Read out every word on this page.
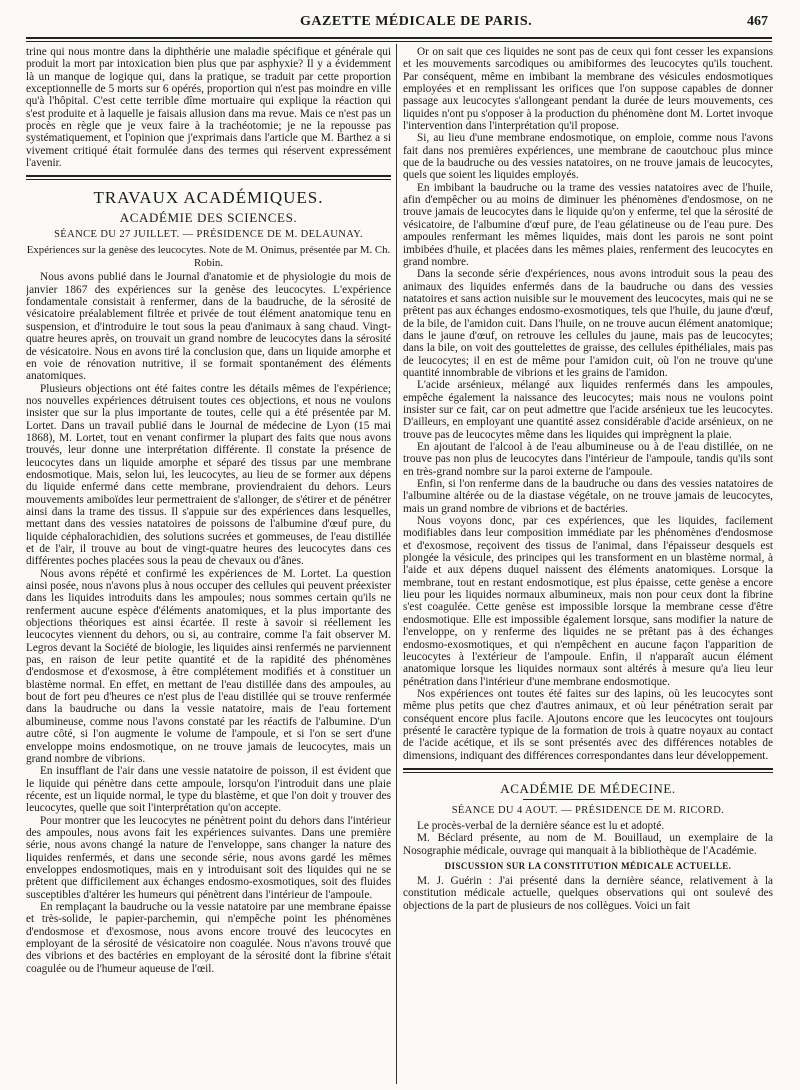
GAZETTE MÉDICALE DE PARIS.	467

trine qui nous montre dans la diphthérie une maladie spécifique et générale qui produit la mort par intoxication bien plus que par asphyxie? Il y a évidemment là un manque de logique qui, dans la pratique, se traduit par cette proportion exceptionnelle de 5 morts sur 6 opérés, proportion qui n'est pas moindre en ville qu'à l'hôpital. C'est cette terrible dîme mortuaire qui explique la réaction qui s'est produite et à laquelle je faisais allusion dans ma revue. Mais ce n'est pas un procès en règle que je veux faire à la trachéotomie; je ne la repousse pas systématiquement, et l'opinion que j'exprimais dans l'article que M. Barthez a si vivement critiqué était formulée dans des termes qui réservent expressément l'avenir.

TRAVAUX ACADÉMIQUES.
ACADÉMIE DES SCIENCES.
SÉANCE DU 27 JUILLET. — PRÉSIDENCE DE M. DELAUNAY.
Expériences sur la genèse des leucocytes. Note de M. Onimus, présentée par M. Ch. Robin.

Nous avons publié dans le Journal d'anatomie et de physiologie du mois de janvier 1867 des expériences sur la genèse des leucocytes. L'expérience fondamentale consistait à renfermer, dans de la baudruche, de la sérosité de vésicatoire préalablement filtrée et privée de tout élément anatomique tenu en suspension, et d'introduire le tout sous la peau d'animaux à sang chaud. Vingt-quatre heures après, on trouvait un grand nombre de leucocytes dans la sérosité de vésicatoire. Nous en avons tiré la conclusion que, dans un liquide amorphe et en voie de rénovation nutritive, il se formait spontanément des éléments anatomiques.

Plusieurs objections ont été faites contre les détails mêmes de l'expérience; nos nouvelles expériences détruisent toutes ces objections, et nous ne voulons insister que sur la plus importante de toutes, celle qui a été présentée par M. Lortet. Dans un travail publié dans le Journal de médecine de Lyon (15 mai 1868), M. Lortet, tout en venant confirmer la plupart des faits que nous avons trouvés, leur donne une interprétation différente. Il constate la présence de leucocytes dans un liquide amorphe et séparé des tissus par une membrane endosmotique. Mais, selon lui, les leucocytes, au lieu de se former aux dépens du liquide enfermé dans cette membrane, proviendraient du dehors. Leurs mouvements amiboïdes leur permettraient de s'allonger, de s'étirer et de pénétrer ainsi dans la trame des tissus. Il s'appuie sur des expériences dans lesquelles, mettant dans des vessies natatoires de poissons de l'albumine d'œuf pure, du liquide céphalorachidien, des solutions sucrées et gommeuses, de l'eau distillée et de l'air, il trouve au bout de vingt-quatre heures des leucocytes dans ces différentes poches placées sous la peau de chevaux ou d'ânes.

Nous avons répété et confirmé les expériences de M. Lortet. La question ainsi posée, nous n'avons plus à nous occuper des cellules qui peuvent préexister dans les liquides introduits dans les ampoules; nous sommes certain qu'ils ne renferment aucune espèce d'éléments anatomiques, et la plus importante des objections théoriques est ainsi écartée. Il reste à savoir si réellement les leucocytes viennent du dehors, ou si, au contraire, comme l'a fait observer M. Legros devant la Société de biologie, les liquides ainsi renfermés ne parviennent pas, en raison de leur petite quantité et de la rapidité des phénomènes d'endosmose et d'exosmose, à être complétement modifiés et à constituer un blastème normal. En effet, en mettant de l'eau distillée dans des ampoules, au bout de fort peu d'heures ce n'est plus de l'eau distillée qui se trouve renfermée dans la baudruche ou dans la vessie natatoire, mais de l'eau fortement albumineuse, comme nous l'avons constaté par les réactifs de l'albumine. D'un autre côté, si l'on augmente le volume de l'ampoule, et si l'on se sert d'une enveloppe moins endosmotique, on ne trouve jamais de leucocytes, mais un grand nombre de vibrions.

En insufflant de l'air dans une vessie natatoire de poisson, il est évident que le liquide qui pénètre dans cette ampoule, lorsqu'on l'introduit dans une plaie récente, est un liquide normal, le type du blastème, et que l'on doit y trouver des leucocytes, quelle que soit l'interprétation qu'on accepte.

Pour montrer que les leucocytes ne pénètrent point du dehors dans l'intérieur des ampoules, nous avons fait les expériences suivantes. Dans une première série, nous avons changé la nature de l'enveloppe, sans changer la nature des liquides renfermés, et dans une seconde série, nous avons gardé les mêmes enveloppes endosmotiques, mais en y introduisant soit des liquides qui ne se prêtent que difficilement aux échanges endosmo-exosmotiques, soit des fluides susceptibles d'altérer les humeurs qui pénètrent dans l'intérieur de l'ampoule.

En remplaçant la baudruche ou la vessie natatoire par une membrane épaisse et très-solide, le papier-parchemin, qui n'empêche point les phénomènes d'endosmose et d'exosmose, nous avons encore trouvé des leucocytes en employant de la sérosité de vésicatoire non coagulée. Nous n'avons trouvé que des vibrions et des bactéries en employant de la sérosité dont la fibrine s'était coagulée ou de l'humeur aqueuse de l'œil.

Or on sait que ces liquides ne sont pas de ceux qui font cesser les expansions et les mouvements sarcodiques ou amibiformes des leucocytes qu'ils touchent. Par conséquent, même en imbibant la membrane des vésicules endosmotiques employées et en remplissant les orifices que l'on suppose capables de donner passage aux leucocytes s'allongeant pendant la durée de leurs mouvements, ces liquides n'ont pu s'opposer à la production du phénomène dont M. Lortet invoque l'intervention dans l'interprétation qu'il propose.

Si, au lieu d'une membrane endosmotique, on emploie, comme nous l'avons fait dans nos premières expériences, une membrane de caoutchouc plus mince que de la baudruche ou des vessies natatoires, on ne trouve jamais de leucocytes, quels que soient les liquides employés.

En imbibant la baudruche ou la trame des vessies natatoires avec de l'huile, afin d'empêcher ou au moins de diminuer les phénomènes d'endosmose, on ne trouve jamais de leucocytes dans le liquide qu'on y enferme, tel que la sérosité de vésicatoire, de l'albumine d'œuf pure, de l'eau gélatineuse ou de l'eau pure. Des ampoules renfermant les mêmes liquides, mais dont les parois ne sont point imbibées d'huile, et placées dans les mêmes plaies, renferment des leucocytes en grand nombre.

Dans la seconde série d'expériences, nous avons introduit sous la peau des animaux des liquides enfermés dans de la baudruche ou dans des vessies natatoires et sans action nuisible sur le mouvement des leucocytes, mais qui ne se prêtent pas aux échanges endosmo-exosmotiques, tels que l'huile, du jaune d'œuf, de la bile, de l'amidon cuit. Dans l'huile, on ne trouve aucun élément anatomique; dans le jaune d'œuf, on retrouve les cellules du jaune, mais pas de leucocytes; dans la bile, on voit des gouttelettes de graisse, des cellules épithéliales, mais pas de leucocytes; il en est de même pour l'amidon cuit, où l'on ne trouve qu'une quantité innombrable de vibrions et les grains de l'amidon.

L'acide arsénieux, mélangé aux liquides renfermés dans les ampoules, empêche également la naissance des leucocytes; mais nous ne voulons point insister sur ce fait, car on peut admettre que l'acide arsénieux tue les leucocytes. D'ailleurs, en employant une quantité assez considérable d'acide arsénieux, on ne trouve pas de leucocytes même dans les liquides qui imprègnent la plaie.

En ajoutant de l'alcool à de l'eau albumineuse ou à de l'eau distillée, on ne trouve pas non plus de leucocytes dans l'intérieur de l'ampoule, tandis qu'ils sont en très-grand nombre sur la paroi externe de l'ampoule.

Enfin, si l'on renferme dans de la baudruche ou dans des vessies natatoires de l'albumine altérée ou de la diastase végétale, on ne trouve jamais de leucocytes, mais un grand nombre de vibrions et de bactéries.

Nous voyons donc, par ces expériences, que les liquides, facilement modifiables dans leur composition immédiate par les phénomènes d'endosmose et d'exosmose, reçoivent des tissus de l'animal, dans l'épaisseur desquels est plongée la vésicule, des principes qui les transforment en un blastème normal, à l'aide et aux dépens duquel naissent des éléments anatomiques. Lorsque la membrane, tout en restant endosmotique, est plus épaisse, cette genèse a encore lieu pour les liquides normaux albumineux, mais non pour ceux dont la fibrine s'est coagulée. Cette genèse est impossible lorsque la membrane cesse d'être endosmotique. Elle est impossible également lorsque, sans modifier la nature de l'enveloppe, on y renferme des liquides ne se prêtant pas à des échanges endosmo-exosmotiques, et qui n'empêchent en aucune façon l'apparition de leucocytes à l'extérieur de l'ampoule. Enfin, il n'apparaît aucun élément anatomique lorsque les liquides normaux sont altérés à mesure qu'a lieu leur pénétration dans l'intérieur d'une membrane endosmotique.

Nos expériences ont toutes été faites sur des lapins, où les leucocytes sont même plus petits que chez d'autres animaux, et où leur pénétration serait par conséquent encore plus facile. Ajoutons encore que les leucocytes ont toujours présenté le caractère typique de la formation de trois à quatre noyaux au contact de l'acide acétique, et ils se sont présentés avec des différences notables de dimensions, indiquant des différences correspondantes dans leur développement.

ACADÉMIE DE MÉDECINE.
SÉANCE DU 4 AOUT. — PRÉSIDENCE DE M. RICORD.

Le procès-verbal de la dernière séance est lu et adopté.

M. Béclard présente, au nom de M. Bouillaud, un exemplaire de la Nosographie médicale, ouvrage qui manquait à la bibliothèque de l'Académie.

DISCUSSION SUR LA CONSTITUTION MÉDICALE ACTUELLE.

M. J. Guérin : J'ai présenté dans la dernière séance, relativement à la constitution médicale actuelle, quelques observations qui ont soulevé des objections de la part de plusieurs de nos collègues. Voici un fait
